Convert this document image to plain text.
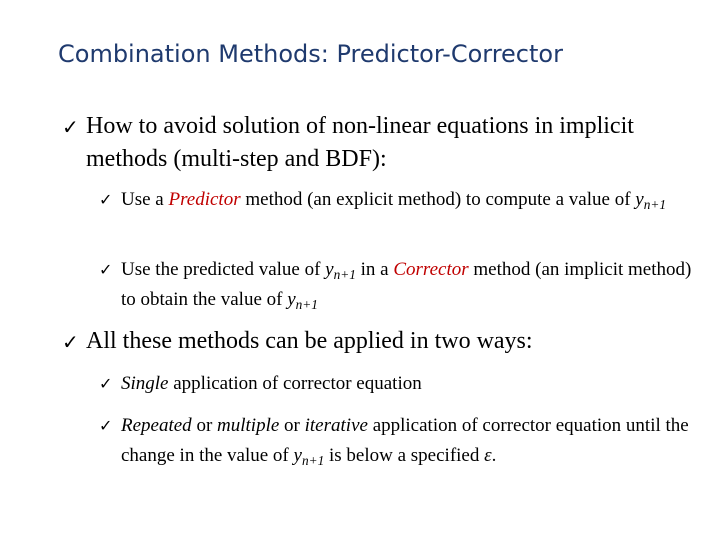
Combination Methods: Predictor-Corrector
✓ How to avoid solution of non-linear equations in implicit methods (multi-step and BDF):
✓ Use a Predictor method (an explicit method) to compute a value of $y_{n+1}$
✓ Use the predicted value of $y_{n+1}$ in a Corrector method (an implicit method) to obtain the value of $y_{n+1}$
✓ All these methods can be applied in two ways:
✓ Single application of corrector equation
✓ Repeated or multiple or iterative application of corrector equation until the change in the value of $y_{n+1}$ is below a specified ε.
